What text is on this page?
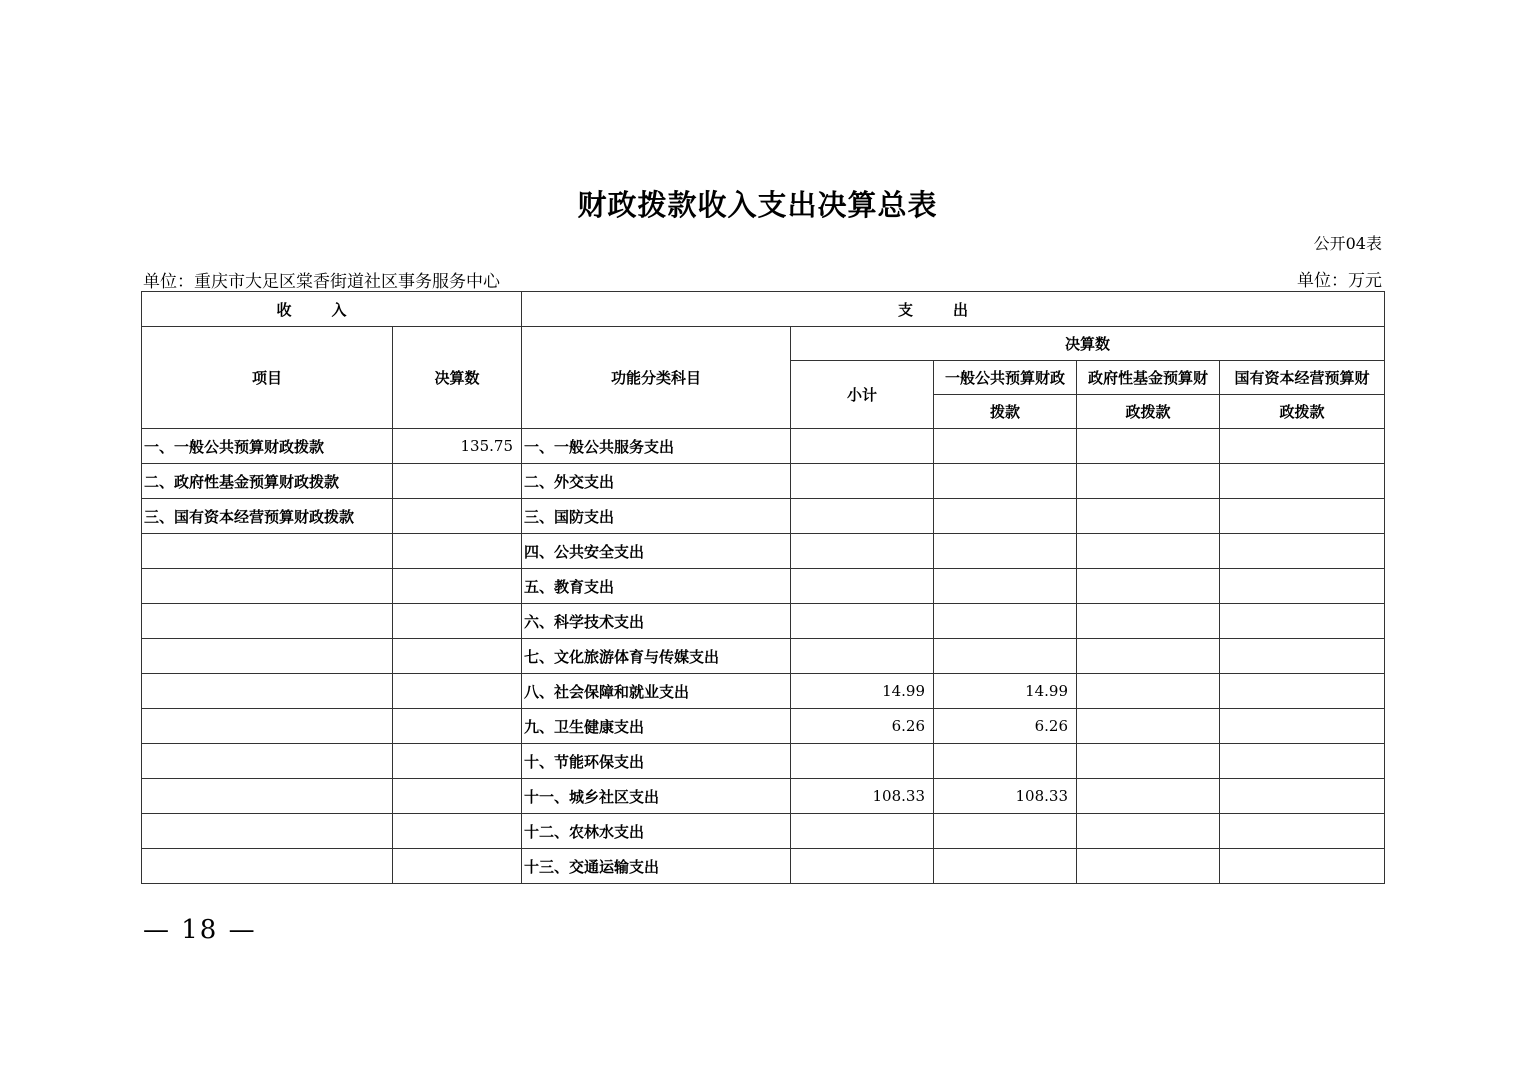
财政拨款收入支出决算总表
公开04表
单位：重庆市大足区棠香街道社区事务服务中心	单位：万元
收入		支出				
项目	决算数	功能分类科目	决算数			
			小计	一般公共预算财政	政府性基金预算财	国有资本经营预算财
				拨款	政拨款	政拨款
一、一般公共预算财政拨款	135.75	一、一般公共服务支出				
二、政府性基金预算财政拨款		二、外交支出				
三、国有资本经营预算财政拨款		三、国防支出				
		四、公共安全支出				
		五、教育支出				
		六、科学技术支出				
		七、文化旅游体育与传媒支出				
		八、社会保障和就业支出	14.99	14.99		
		九、卫生健康支出	6.26	6.26		
		十、节能环保支出				
		十一、城乡社区支出	108.33	108.33		
		十二、农林水支出				
		十三、交通运输支出				
— 18 —
